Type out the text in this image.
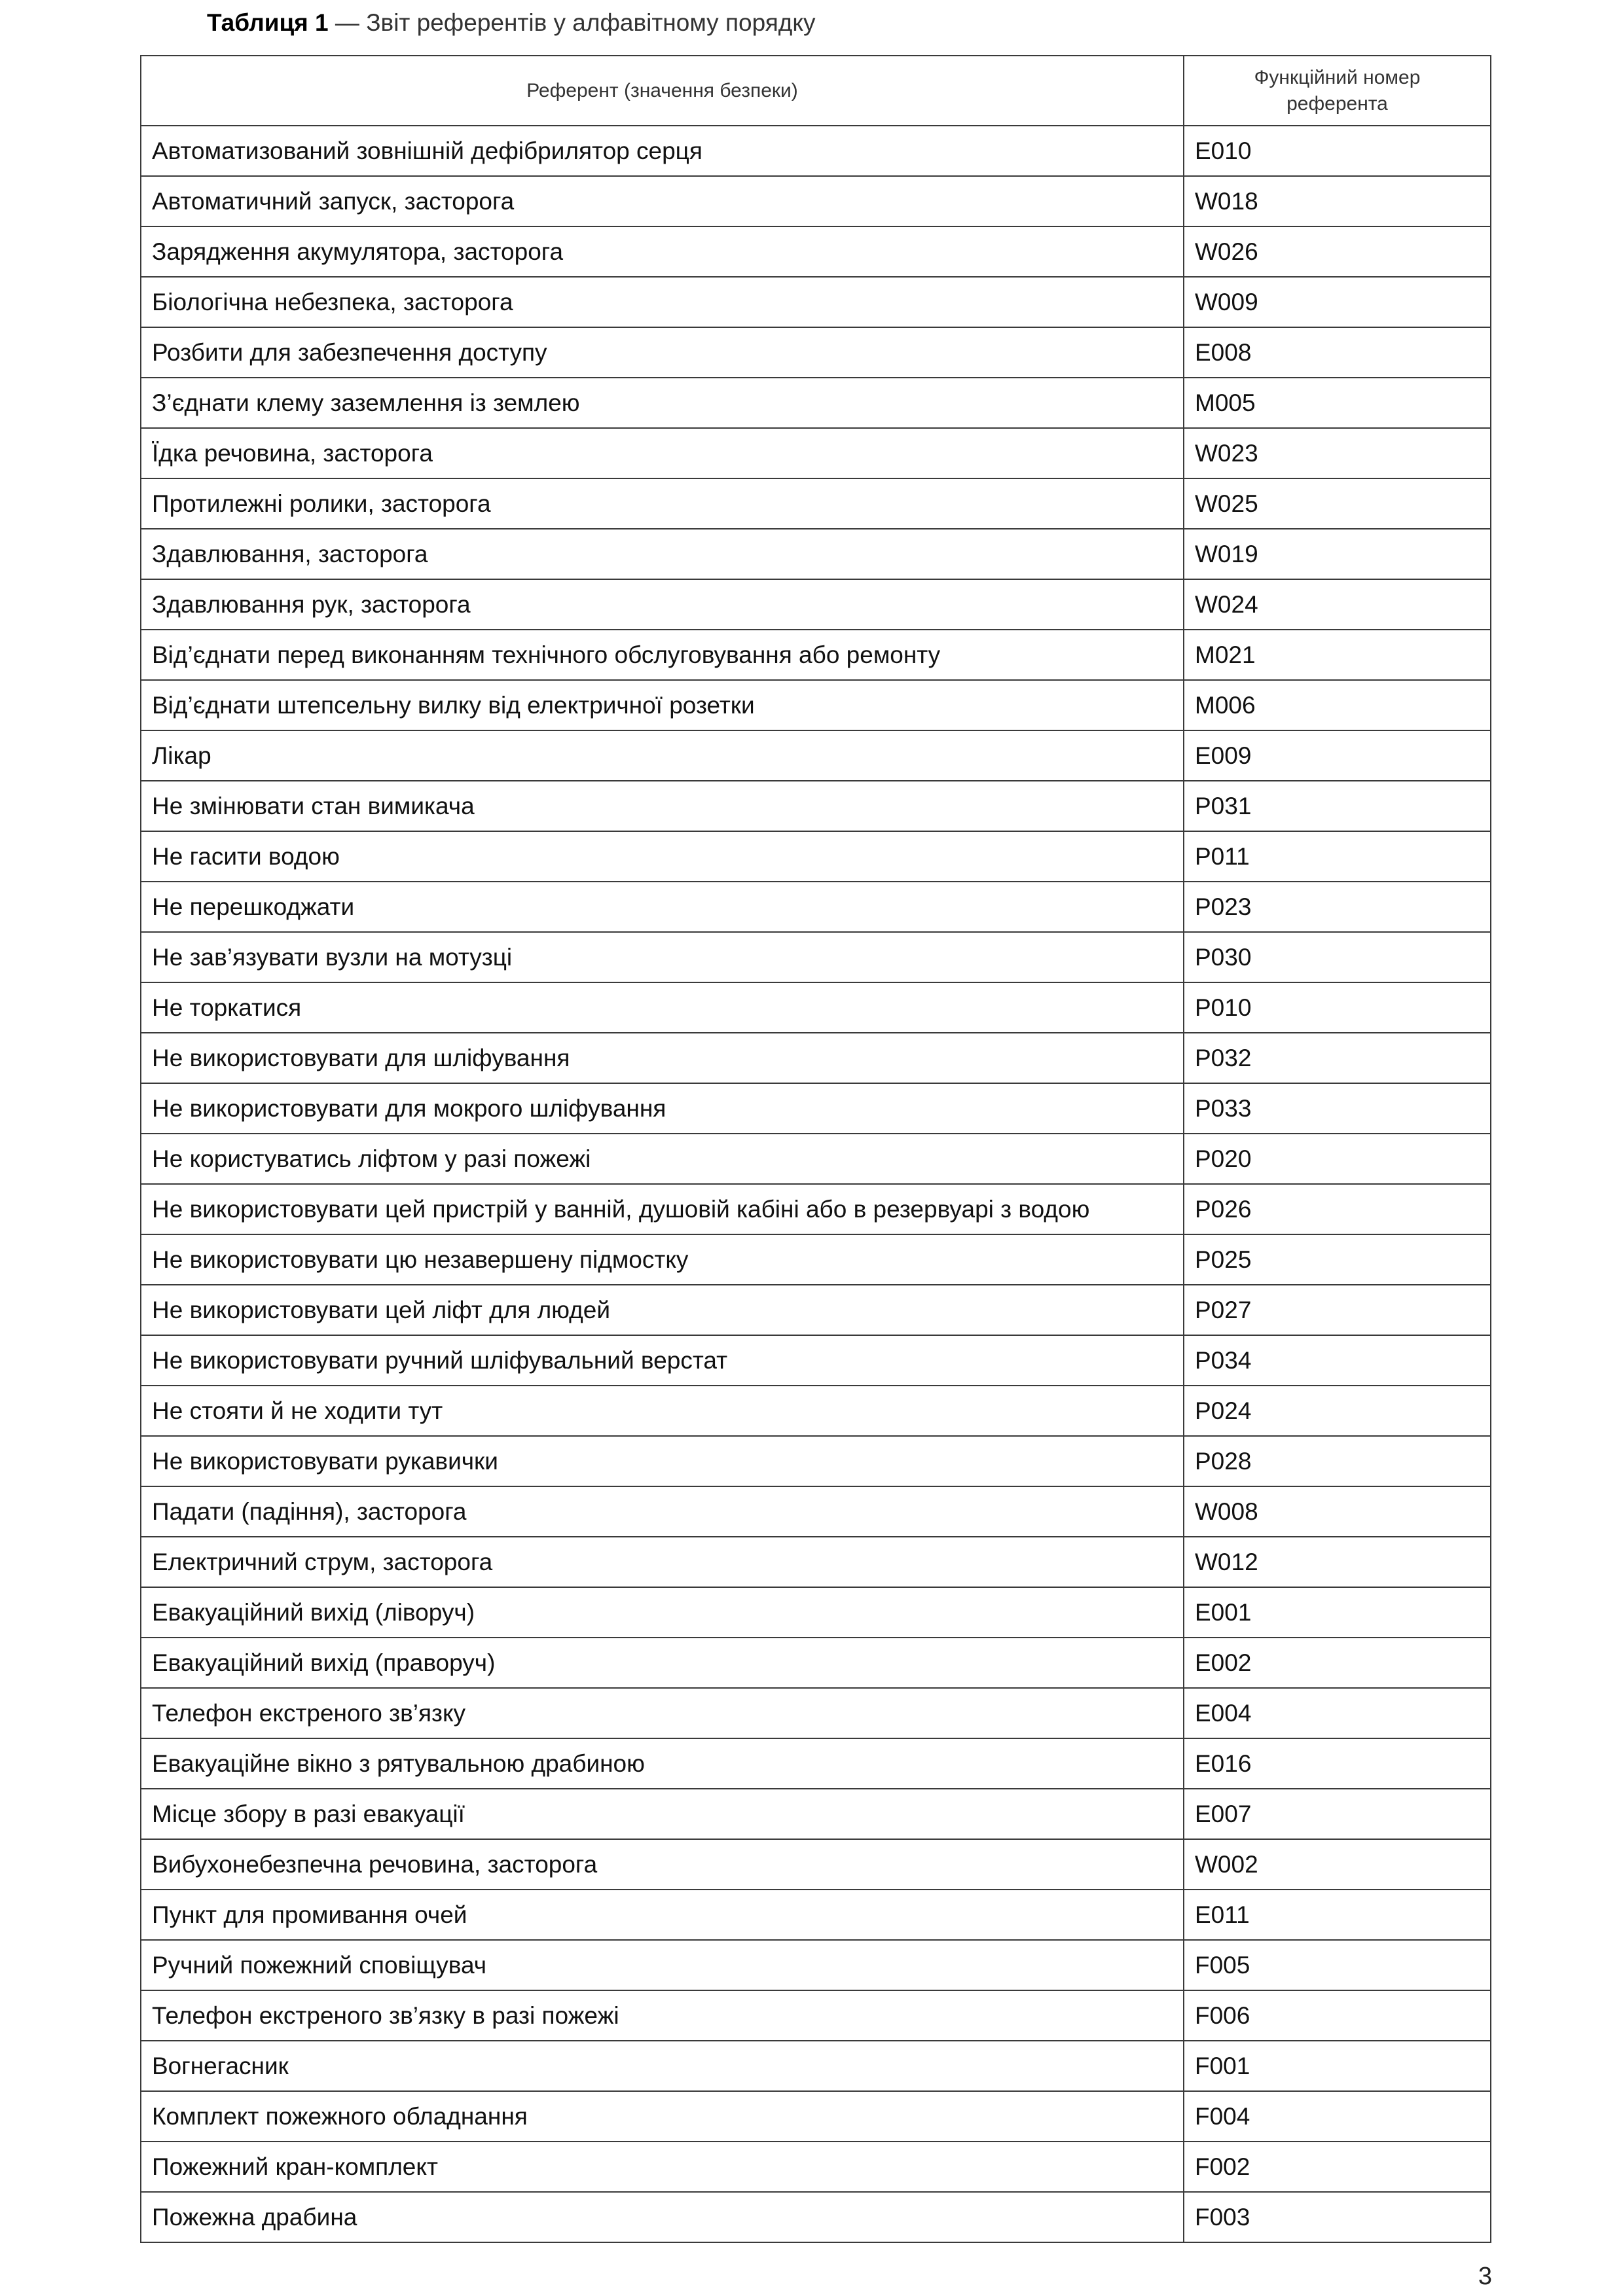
Таблиця 1 — Звіт референтів у алфавітному порядку
Референт (значення безпеки)	Функційний номер референта

Автоматизований зовнішній дефібрилятор серця	E010
Автоматичний запуск, засторога	W018
Зарядження акумулятора, засторога	W026
Біологічна небезпека, засторога	W009
Розбити для забезпечення доступу	E008
З’єднати клему заземлення із землею	M005
Їдка речовина, засторога	W023
Протилежні ролики, засторога	W025
Здавлювання, засторога	W019
Здавлювання рук, засторога	W024
Від’єднати перед виконанням технічного обслуговування або ремонту	M021
Від’єднати штепсельну вилку від електричної розетки	M006
Лікар	E009
Не змінювати стан вимикача	P031
Не гасити водою	P011
Не перешкоджати	P023
Не зав’язувати вузли на мотузці	P030
Не торкатися	P010
Не використовувати для шліфування	P032
Не використовувати для мокрого шліфування	P033
Не користуватись ліфтом у разі пожежі	P020
Не використовувати цей пристрій у ванній, душовій кабіні або в резервуарі з водою	P026
Не використовувати цю незавершену підмостку	P025
Не використовувати цей ліфт для людей	P027
Не використовувати ручний шліфувальний верстат	P034
Не стояти й не ходити тут	P024
Не використовувати рукавички	P028
Падати (падіння), засторога	W008
Електричний струм, засторога	W012
Евакуаційний вихід (ліворуч)	E001
Евакуаційний вихід (праворуч)	E002
Телефон екстреного зв’язку	E004
Евакуаційне вікно з рятувальною драбиною	E016
Місце збору в разі евакуації	E007
Вибухонебезпечна речовина, засторога	W002
Пункт для промивання очей	E011
Ручний пожежний сповіщувач	F005
Телефон екстреного зв’язку в разі пожежі	F006
Вогнегасник	F001
Комплект пожежного обладнання	F004
Пожежний кран-комплект	F002
Пожежна драбина	F003
3
